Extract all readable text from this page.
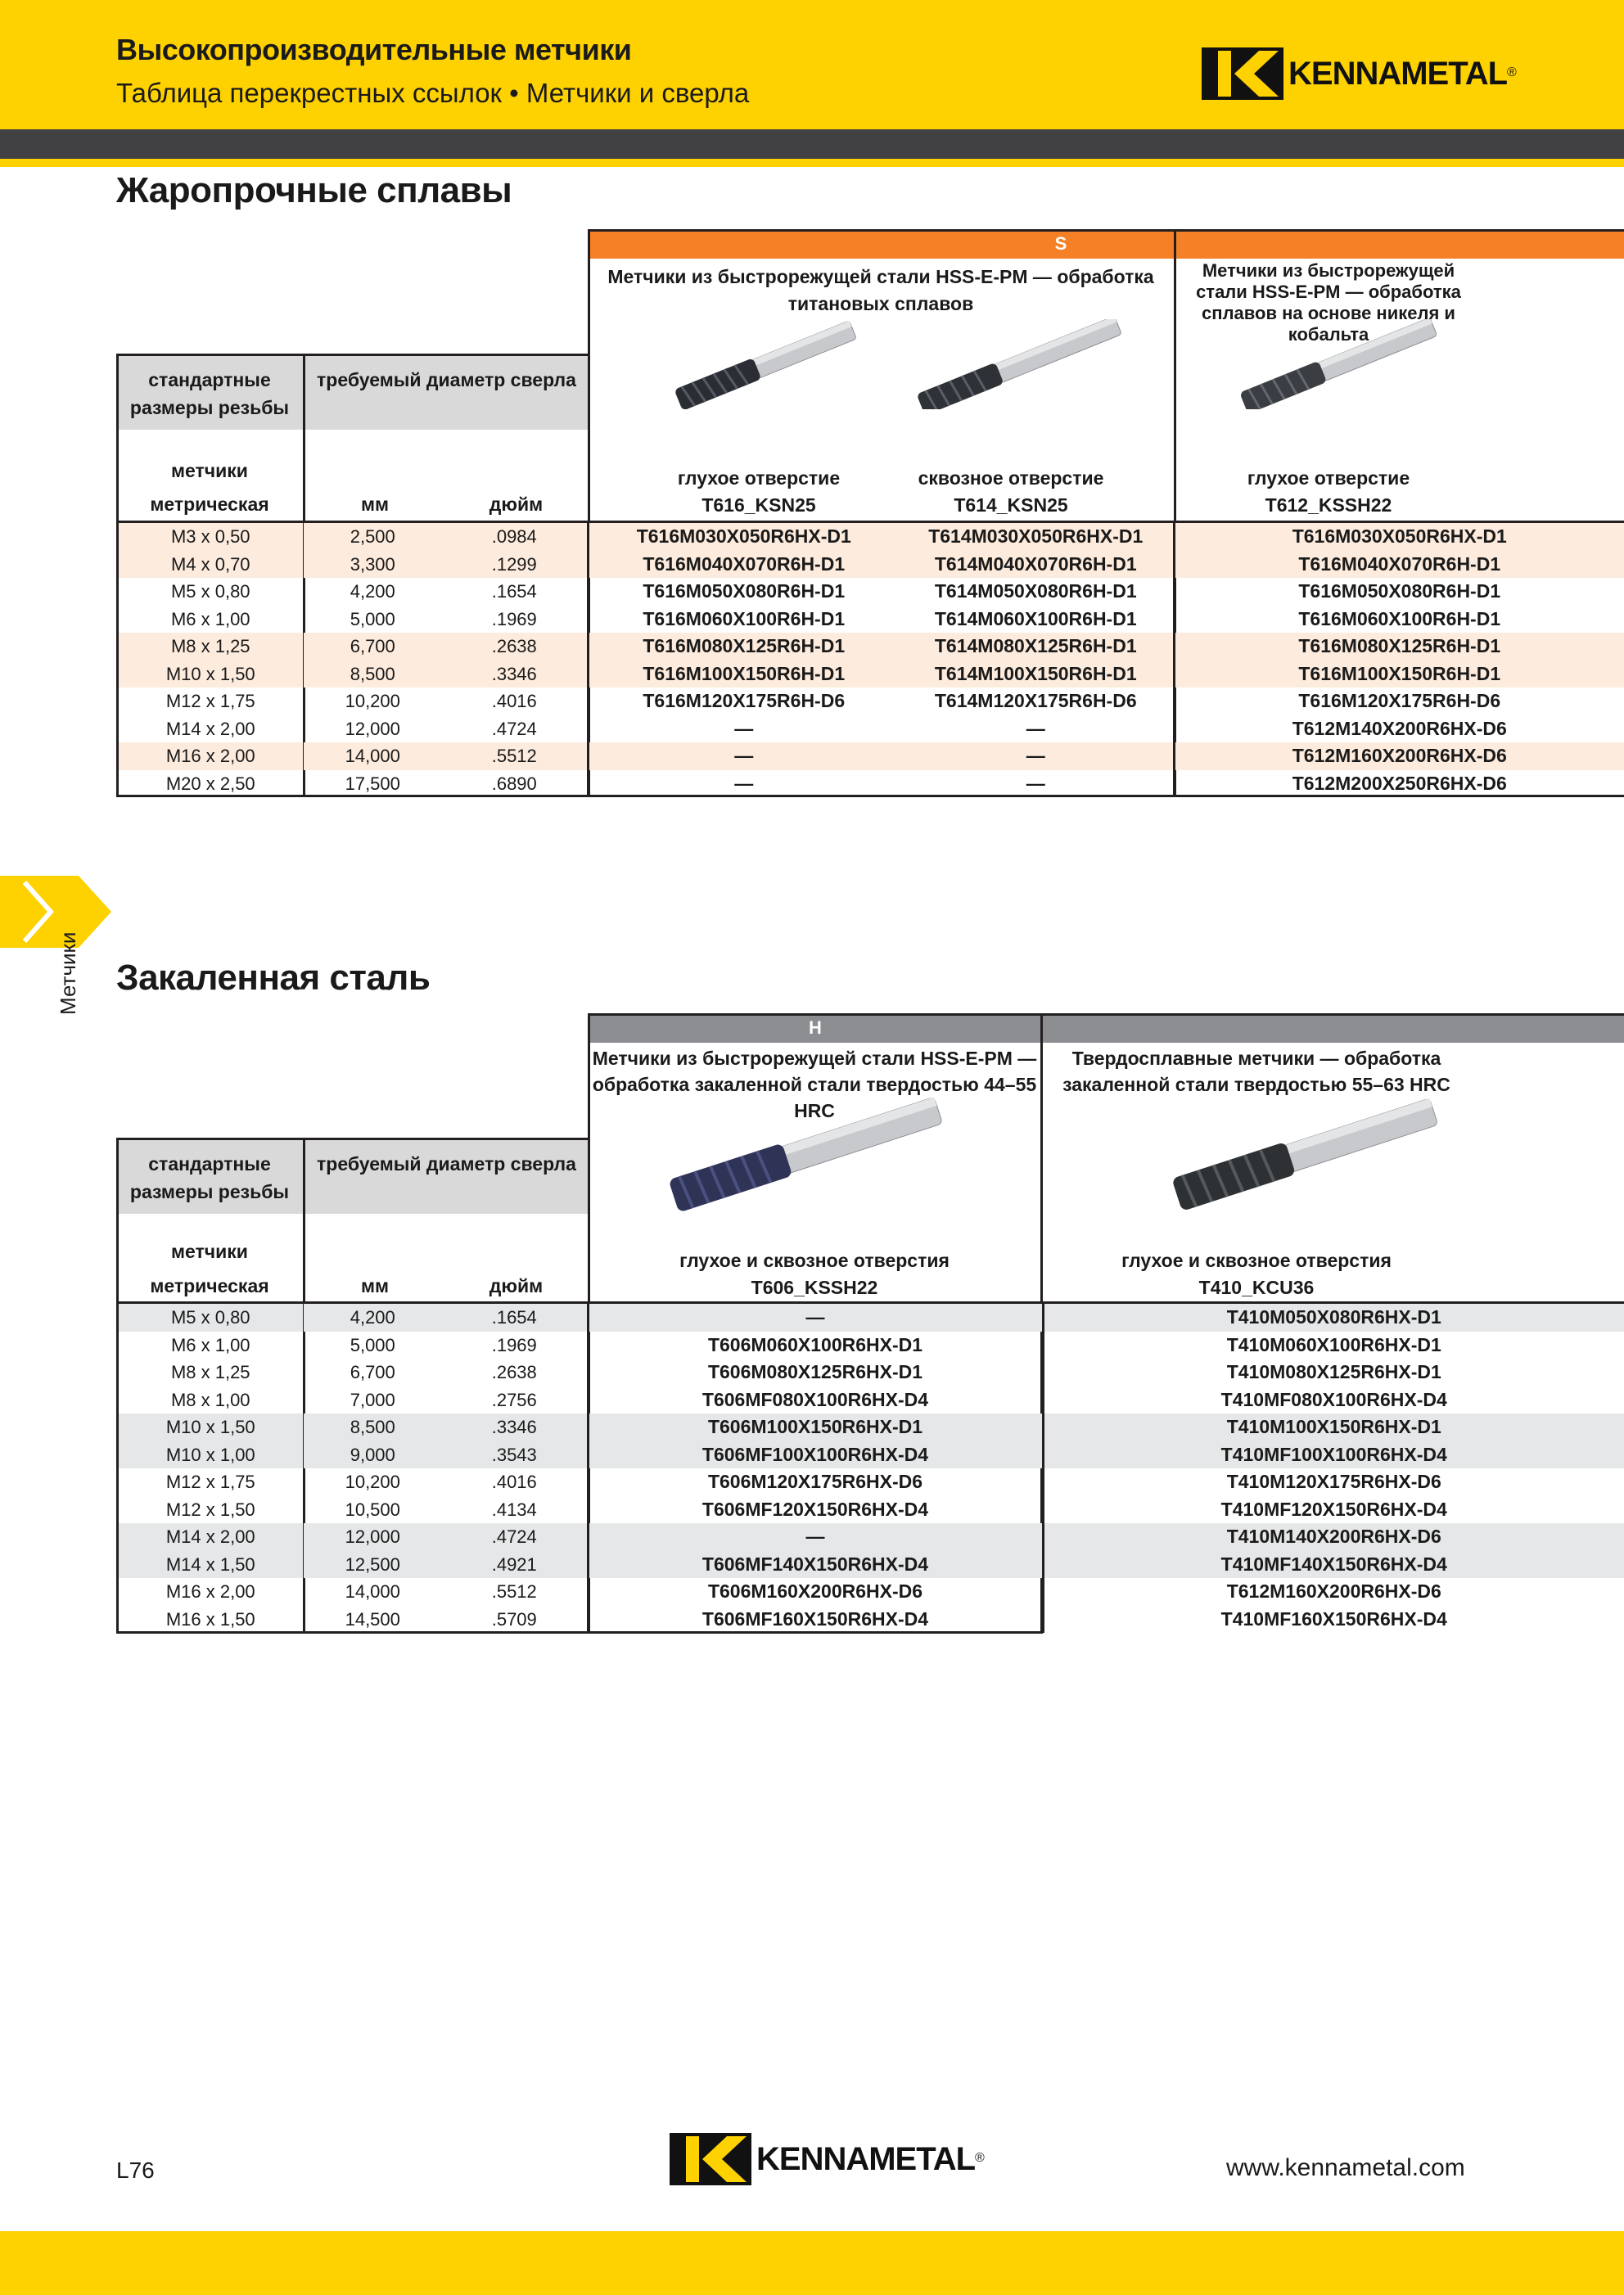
Высокопроизводительные метчики
Таблица перекрестных ссылок • Метчики и сверла
KENNAMETAL ®
Метчики
Жаропрочные сплавы
S
Метчики из быстрорежущей стали HSS-E-PM — обработка титановых сплавов
Метчики из быстрорежущей стали HSS-E-PM — обработка сплавов на основе никеля и кобальта
глухое отверстие
T616_KSN25
сквозное отверстие
T614_KSN25
глухое отверстие
T612_KSSH22
стандартные размеры резьбы
требуемый диаметр сверла
метчики
метрическая	мм	дюйм
M3 x 0,50	2,500	.0984	T616M030X050R6HX-D1	T614M030X050R6HX-D1	T616M030X050R6HX-D1
M4 x 0,70	3,300	.1299	T616M040X070R6H-D1	T614M040X070R6H-D1	T616M040X070R6H-D1
M5 x 0,80	4,200	.1654	T616M050X080R6H-D1	T614M050X080R6H-D1	T616M050X080R6H-D1
M6 x 1,00	5,000	.1969	T616M060X100R6H-D1	T614M060X100R6H-D1	T616M060X100R6H-D1
M8 x 1,25	6,700	.2638	T616M080X125R6H-D1	T614M080X125R6H-D1	T616M080X125R6H-D1
M10 x 1,50	8,500	.3346	T616M100X150R6H-D1	T614M100X150R6H-D1	T616M100X150R6H-D1
M12 x 1,75	10,200	.4016	T616M120X175R6H-D6	T614M120X175R6H-D6	T616M120X175R6H-D6
M14 x 2,00	12,000	.4724	—	—	T612M140X200R6HX-D6
M16 x 2,00	14,000	.5512	—	—	T612M160X200R6HX-D6
M20 x 2,50	17,500	.6890	—	—	T612M200X250R6HX-D6
Закаленная сталь
H
Метчики из быстрорежущей стали HSS-E-PM — обработка закаленной стали твердостью 44–55 HRC
Твердосплавные метчики — обработка закаленной стали твердостью 55–63 HRC
глухое и сквозное отверстия
T606_KSSH22
глухое и сквозное отверстия
T410_KCU36
стандартные размеры резьбы
требуемый диаметр сверла
метчики
метрическая	мм	дюйм
M5 x 0,80	4,200	.1654	—	T410M050X080R6HX-D1
M6 x 1,00	5,000	.1969	T606M060X100R6HX-D1	T410M060X100R6HX-D1
M8 x 1,25	6,700	.2638	T606M080X125R6HX-D1	T410M080X125R6HX-D1
M8 x 1,00	7,000	.2756	T606MF080X100R6HX-D4	T410MF080X100R6HX-D4
M10 x 1,50	8,500	.3346	T606M100X150R6HX-D1	T410M100X150R6HX-D1
M10 x 1,00	9,000	.3543	T606MF100X100R6HX-D4	T410MF100X100R6HX-D4
M12 x 1,75	10,200	.4016	T606M120X175R6HX-D6	T410M120X175R6HX-D6
M12 x 1,50	10,500	.4134	T606MF120X150R6HX-D4	T410MF120X150R6HX-D4
M14 x 2,00	12,000	.4724	—	T410M140X200R6HX-D6
M14 x 1,50	12,500	.4921	T606MF140X150R6HX-D4	T410MF140X150R6HX-D4
M16 x 2,00	14,000	.5512	T606M160X200R6HX-D6	T612M160X200R6HX-D6
M16 x 1,50	14,500	.5709	T606MF160X150R6HX-D4	T410MF160X150R6HX-D4
L76	KENNAMETAL ®	www.kennametal.com
